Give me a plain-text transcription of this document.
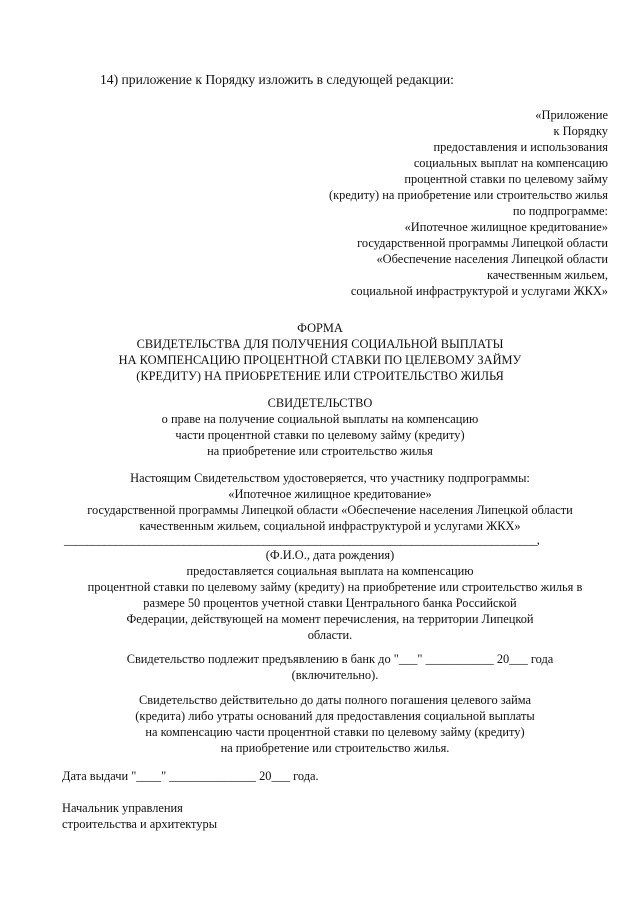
14) приложение к Порядку изложить в следующей редакции:
«Приложение
к Порядку
предоставления и использования
социальных выплат на компенсацию
процентной ставки по целевому займу
(кредиту) на приобретение или строительство жилья
по подпрограмме:
«Ипотечное жилищное кредитование»
государственной программы Липецкой области
«Обеспечение населения Липецкой области
качественным жильем,
социальной инфраструктурой и услугами ЖКХ»
ФОРМА
СВИДЕТЕЛЬСТВА ДЛЯ ПОЛУЧЕНИЯ СОЦИАЛЬНОЙ ВЫПЛАТЫ
НА КОМПЕНСАЦИЮ ПРОЦЕНТНОЙ СТАВКИ ПО ЦЕЛЕВОМУ ЗАЙМУ
(КРЕДИТУ) НА ПРИОБРЕТЕНИЕ ИЛИ СТРОИТЕЛЬСТВО ЖИЛЬЯ
СВИДЕТЕЛЬСТВО
о праве на получение социальной выплаты на компенсацию
части процентной ставки по целевому займу (кредиту)
на приобретение или строительство жилья
Настоящим Свидетельством удостоверяется, что участнику подпрограммы:
«Ипотечное жилищное кредитование»
государственной программы Липецкой области «Обеспечение населения Липецкой области
качественным жильем, социальной инфраструктурой и услугами ЖКХ»
___________________________________________________________________________________,
(Ф.И.О., дата рождения)
предоставляется социальная выплата на компенсацию
процентной ставки по целевому займу (кредиту) на приобретение или строительство жилья в
размере 50 процентов учетной ставки Центрального банка Российской
Федерации, действующей на момент перечисления, на территории Липецкой
области.
Свидетельство подлежит предъявлению в банк до "___" ___________ 20___ года
(включительно).
Свидетельство действительно до даты полного погашения целевого займа
(кредита) либо утраты оснований для предоставления социальной выплаты
на компенсацию части процентной ставки по целевому займу (кредиту)
на приобретение или строительство жилья.
Дата выдачи "____" ______________ 20___ года.
Начальник управления
строительства и архитектуры
